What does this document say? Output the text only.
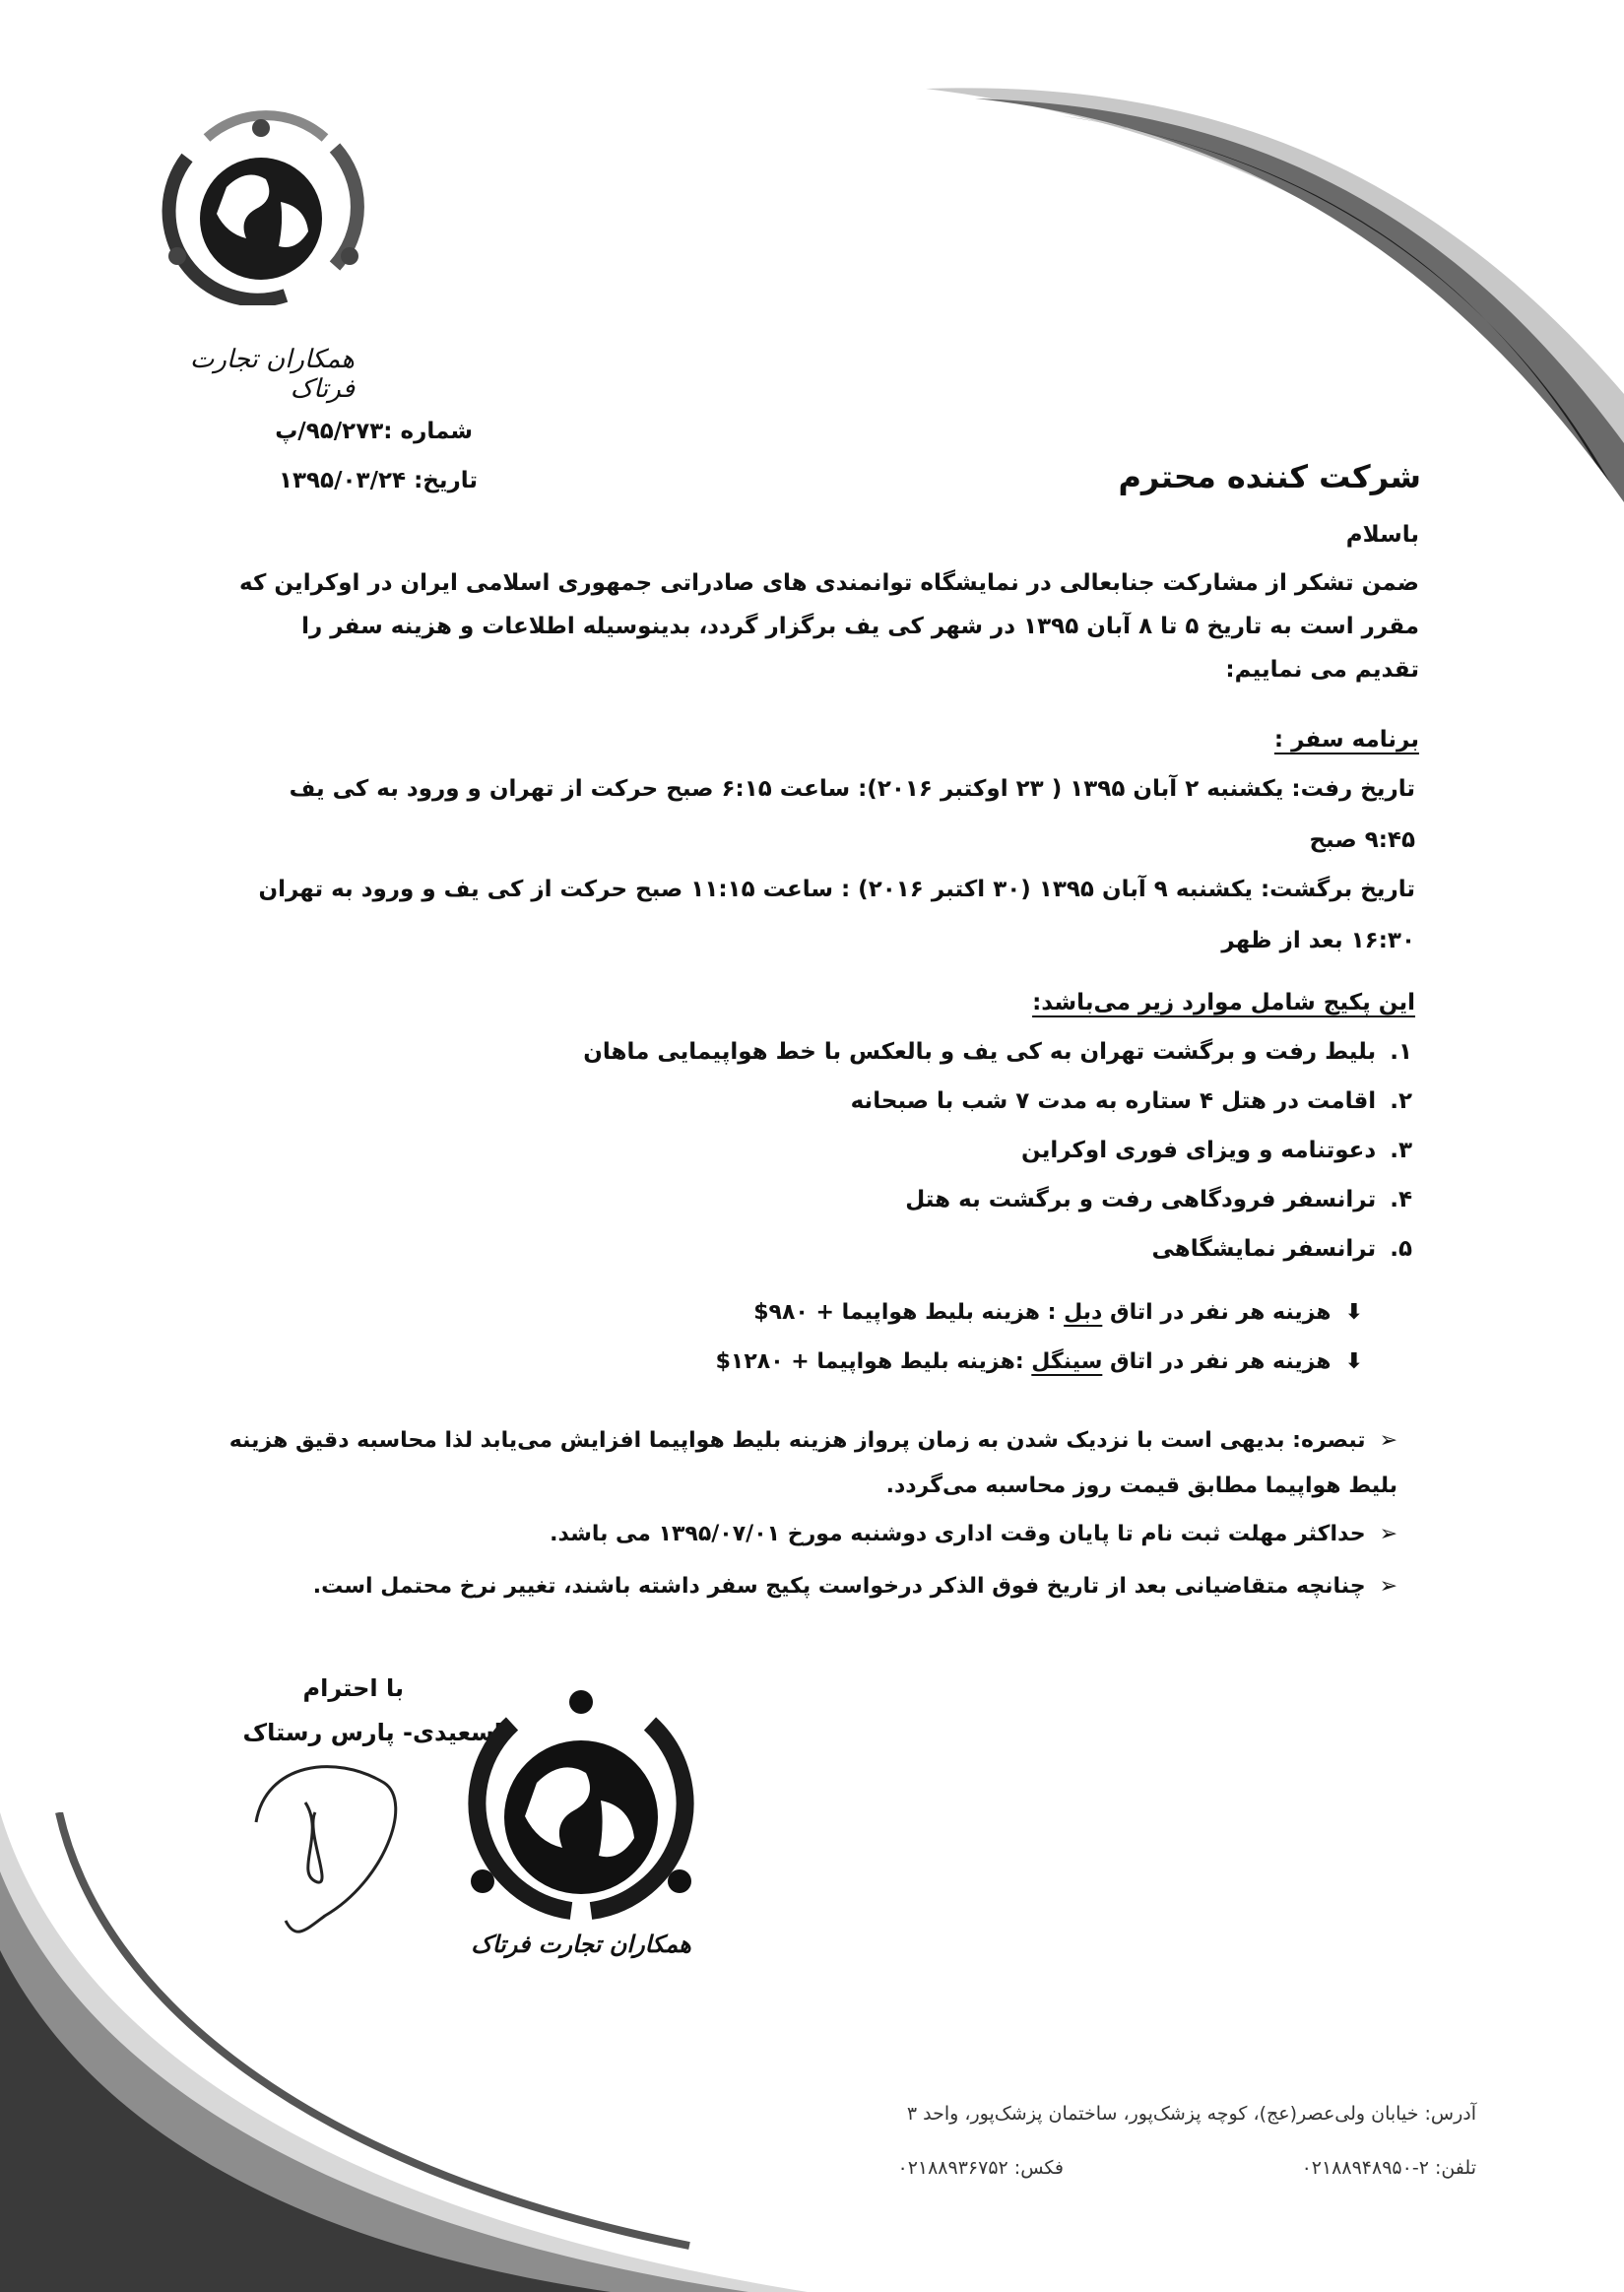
همکاران تجارت فرتاک
شماره :۹۵/۲۷۳/پ
تاریخ: ۱۳۹۵/۰۳/۲۴	شرکت کننده محترم
باسلام
ضمن تشکر از مشارکت جنابعالی در نمایشگاه توانمندی های صادراتی جمهوری اسلامی ایران در اوکراین که مقرر است به تاریخ ۵ تا ۸ آبان ۱۳۹۵ در شهر کی یف برگزار گردد، بدینوسیله اطلاعات و هزینه سفر را تقدیم می نماییم:
برنامه سفر :
تاریخ رفت: یکشنبه ۲ آبان ۱۳۹۵ ( ۲۳ اوکتبر ۲۰۱۶): ساعت ۶:۱۵ صبح حرکت از تهران و ورود به کی یف ۹:۴۵ صبح
تاریخ برگشت: یکشنبه ۹ آبان ۱۳۹۵ (۳۰ اکتبر ۲۰۱۶) : ساعت ۱۱:۱۵ صبح حرکت از کی یف و ورود به تهران ۱۶:۳۰ بعد از ظهر
این پکیج شامل موارد زیر می‌باشد:
۱.بلیط رفت و برگشت تهران به کی یف و بالعکس با خط هواپیمایی ماهان
۲.اقامت در هتل ۴ ستاره به مدت ۷ شب با صبحانه
۳.دعوتنامه و ویزای فوری اوکراین
۴.ترانسفر فرودگاهی رفت و برگشت به هتل
۵.ترانسفر نمایشگاهی
⬇هزینه هر نفر در اتاق دبل : هزینه بلیط هواپیما + ۹۸۰$
⬇هزینه هر نفر در اتاق سینگل :هزینه بلیط هواپیما + ۱۲۸۰$
➢تبصره: بدیهی است با نزدیک شدن به زمان پرواز هزینه بلیط هواپیما افزایش می‌یابد لذا محاسبه دقیق هزینه بلیط هواپیما مطابق قیمت روز محاسبه می‌گردد.
➢حداکثر مهلت ثبت نام تا پایان وقت اداری دوشنبه مورخ ۱۳۹۵/۰۷/۰۱ می باشد.
➢چنانچه متقاضیانی بعد از تاریخ فوق الذکر درخواست پکیج سفر داشته باشند، تغییر نرخ محتمل است.
با احترام
اسعیدی- پارس رستاک
همکاران تجارت فرتاک
آدرس: خیابان ولی‌عصر(عج)، کوچه پزشک‌پور، ساختمان پزشک‌پور، واحد ۳
تلفن: ۲-۰۲۱۸۸۹۴۸۹۵۰
فکس: ۰۲۱۸۸۹۳۶۷۵۲
